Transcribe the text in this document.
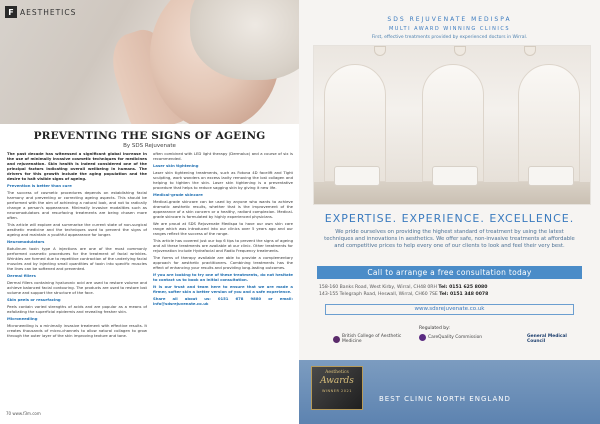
F AESTHETICS
PREVENTING THE SIGNS OF AGEING
By SDS Rejuvenate

The past decade has witnessed a significant global increase in the use of minimally invasive cosmetic techniques for medicines and rejuvenation. Skin health is indeed considered one of the principal factors indicating overall wellbeing in humans. The drivers for this growth include the aging population and the desire to halt visible signs of ageing.

Prevention is better than cure

The success of cosmetic procedures depends on establishing facial harmony and preventing or correcting ageing aspects. This should be performed with the aim of achieving a natural look, and not to radically change a person's appearance. Minimally invasive modalities such as neuromodulators and resurfacing treatments are being chosen more often.

This article will explore and summarise the current state of non-surgical aesthetic medicine and the techniques used to prevent the signs of ageing and maintain a youthful appearance for longer.

Neuromodulators

Botulinum toxin type A injections are one of the most commonly performed cosmetic procedures for the treatment of facial wrinkles. Wrinkles are formed due to repetitive contraction of the underlying facial muscles and by injecting small quantities of toxin into specific muscles the lines can be softened and prevented.

Dermal fillers

Dermal fillers containing hyaluronic acid are used to restore volume and achieve balanced facial contouring. The products are used to restore lost volume and support the structure of the face.

Skin peels or resurfacing

Peels contain varied strengths of acids and are popular as a means of exfoliating the superficial epidermis and revealing fresher skin.

Microneedling

Microneedling is a minimally invasive treatment with effective results. It creates thousands of micro-channels to allow natural collagen to grow through the outer layer of the skin improving texture and tone.

often combined with LED light therapy (Dermalux) and a course of six is recommended.

Laser skin tightening

Laser skin tightening treatments, such as Fotona 4D facelift and Tight sculpting, work wonders on excess laxity removing the lost collagen and helping to tighten the skin. Laser skin tightening is a preventative procedure that helps to reduce sagging skin by giving it new life.

Medical-grade skincare

Medical-grade skincare can be used by anyone who wants to achieve dramatic aesthetic results, whether that is the improvement of the appearance of a skin concern or a healthy, radiant complexion. Medical-grade skincare is formulated by highly experienced physicians.

We are proud at SDS Rejuvenate Medispa to have our own skin care range which was introduced into our clinics over 5 years ago and our ranges reflect the success of the range.

This article has covered just our top 6 tips to prevent the signs of ageing and all these treatments are available at our clinic. Other treatments for rejuvenation include Hydrafacial and Radio Frequency treatments.

The forms of therapy available are able to provide a complementary approach for aesthetic practitioners. Combining treatments has the effect of enhancing your results and providing long-lasting outcomes.

If you are looking to try one of these treatments, do not hesitate to contact us to book an initial consultation.

It is our trust and team here to ensure that we are made a firmer, softer skin a better version of you and a safe experience.

Share all about us: 0151 678 9880 or email: info@sdsrejuvenate.co.uk

70 www.f3m.com
SDS REJUVENATE MEDISPA
MULTI AWARD WINNING CLINICS
First, effective treatments provided by experienced doctors in Wirral.
EXPERTISE. EXPERIENCE. EXCELLENCE.
We pride ourselves on providing the highest standard of treatment by using the latest techniques and innovations in aesthetics. We offer safe, non-invasive treatments at affordable and competitive prices to help every one of our clients to look and feel their very best.
Call to arrange a free consultation today
158-160 Banks Road, West Kirby, Wirral, CH48 0RH Tel: 0151 625 8080
143-155 Telegraph Road, Heswall, Wirral, CH60 7SE Tel: 0151 348 0078
www.sdsrejuvenate.co.uk
Regulated by:
British College of Aesthetic Medicine
CareQuality Commission	General Medical Council
Aesthetics
Awards
WINNER 2021
BEST CLINIC NORTH ENGLAND
